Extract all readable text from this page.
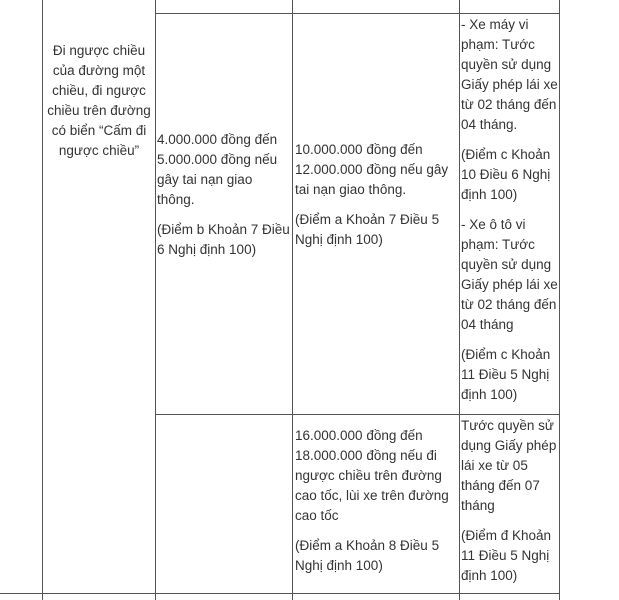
Đi ngược chiều của đường một chiều, đi ngược chiều trên đường có biển “Cấm đi ngược chiều”

4.000.000 đồng đến 5.000.000 đồng nếu gây tai nạn giao thông.

(Điểm b Khoản 7 Điều 6 Nghị định 100)

10.000.000 đồng đến 12.000.000 đồng nếu gây tai nạn giao thông.

(Điểm a Khoản 7 Điều 5 Nghị định 100)

- Xe máy vi phạm: Tước quyền sử dụng Giấy phép lái xe từ 02 tháng đến 04 tháng.

(Điểm c Khoản 10 Điều 6 Nghị định 100)

- Xe ô tô vi phạm: Tước quyền sử dụng Giấy phép lái xe từ 02 tháng đến 04 tháng

(Điểm c Khoản 11 Điều 5 Nghị định 100)

16.000.000 đồng đến 18.000.000 đồng nếu đi ngược chiều trên đường cao tốc, lùi xe trên đường cao tốc

(Điểm a Khoản 8 Điều 5 Nghị định 100)

Tước quyền sử dụng Giấy phép lái xe từ 05 tháng đến 07 tháng

(Điểm đ Khoản 11 Điều 5 Nghị định 100)
